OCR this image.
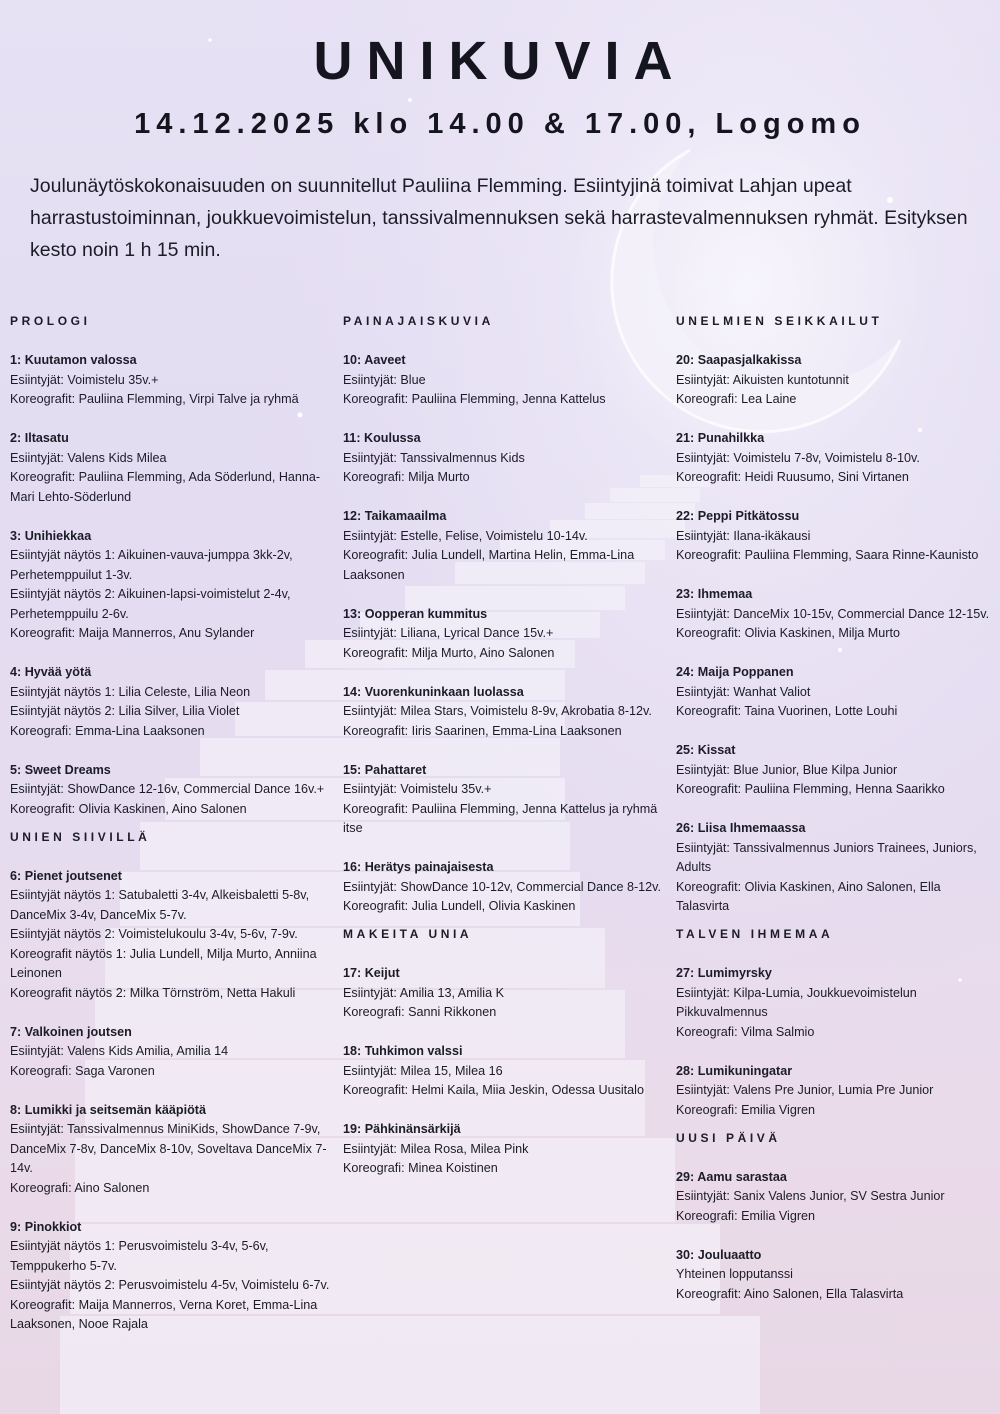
UNIKUVIA
14.12.2025 klo 14.00 & 17.00, Logomo
Joulunäytöskokonaisuuden on suunnitellut Pauliina Flemming. Esiintyjinä toimivat Lahjan upeat harrastustoiminnan, joukkuevoimistelun, tanssivalmennuksen sekä harrastevalmennuksen ryhmät. Esityksen kesto noin 1 h 15 min.
PROLOGI
1: Kuutamon valossa
Esiintyjät: Voimistelu 35v.+
Koreografit: Pauliina Flemming, Virpi Talve ja ryhmä
2: Iltasatu
Esiintyjät: Valens Kids Milea
Koreografit: Pauliina Flemming, Ada Söderlund, Hanna-Mari Lehto-Söderlund
3: Unihiekkaa
Esiintyjät näytös 1: Aikuinen-vauva-jumppa 3kk-2v, Perhetemppuilut 1-3v.
Esiintyjät näytös 2: Aikuinen-lapsi-voimistelut 2-4v, Perhetemppuilu 2-6v.
Koreografit: Maija Mannerros, Anu Sylander
4: Hyvää yötä
Esiintyjät näytös 1: Lilia Celeste, Lilia Neon
Esiintyjät näytös 2: Lilia Silver, Lilia Violet
Koreografi: Emma-Lina Laaksonen
5: Sweet Dreams
Esiintyjät: ShowDance 12-16v, Commercial Dance 16v.+
Koreografit: Olivia Kaskinen, Aino Salonen
UNIEN SIIVILLÄ
6: Pienet joutsenet
Esiintyjät näytös 1: Satubaletti 3-4v, Alkeisbaletti 5-8v, DanceMix 3-4v, DanceMix 5-7v.
Esiintyjät näytös 2: Voimistelukoulu 3-4v, 5-6v, 7-9v.
Koreografit näytös 1: Julia Lundell, Milja Murto, Anniina Leinonen
Koreografit näytös 2: Milka Törnström, Netta Hakuli
7: Valkoinen joutsen
Esiintyjät: Valens Kids Amilia, Amilia 14
Koreografi: Saga Varonen
8: Lumikki ja seitsemän kääpiötä
Esiintyjät: Tanssivalmennus MiniKids, ShowDance 7-9v, DanceMix 7-8v, DanceMix 8-10v, Soveltava DanceMix 7-14v.
Koreografi: Aino Salonen
9: Pinokkiot
Esiintyjät näytös 1: Perusvoimistelu 3-4v, 5-6v, Temppukerho 5-7v.
Esiintyjät näytös 2: Perusvoimistelu 4-5v, Voimistelu 6-7v.
Koreografit: Maija Mannerros, Verna Koret, Emma-Lina Laaksonen, Nooe Rajala
PAINAJAISKUVIA
10: Aaveet
Esiintyjät: Blue
Koreografit: Pauliina Flemming, Jenna Kattelus
11: Koulussa
Esiintyjät: Tanssivalmennus Kids
Koreografi: Milja Murto
12: Taikamaailma
Esiintyjät: Estelle, Felise, Voimistelu 10-14v.
Koreografit: Julia Lundell, Martina Helin, Emma-Lina Laaksonen
13: Oopperan kummitus
Esiintyjät: Liliana, Lyrical Dance 15v.+
Koreografit: Milja Murto, Aino Salonen
14: Vuorenkuninkaan luolassa
Esiintyjät: Milea Stars, Voimistelu 8-9v, Akrobatia 8-12v.
Koreografit: Iiris Saarinen, Emma-Lina Laaksonen
15: Pahattaret
Esiintyjät: Voimistelu 35v.+
Koreografit: Pauliina Flemming, Jenna Kattelus ja ryhmä itse
16: Herätys painajaisesta
Esiintyjät: ShowDance 10-12v, Commercial Dance 8-12v.
Koreografit: Julia Lundell, Olivia Kaskinen
MAKEITA UNIA
17: Keijut
Esiintyjät: Amilia 13, Amilia K
Koreografi: Sanni Rikkonen
18: Tuhkimon valssi
Esiintyjät: Milea 15, Milea 16
Koreografit: Helmi Kaila, Miia Jeskin, Odessa Uusitalo
19: Pähkinänsärkijä
Esiintyjät: Milea Rosa, Milea Pink
Koreografi: Minea Koistinen
UNELMIEN SEIKKAILUT
20: Saapasjalkakissa
Esiintyjät: Aikuisten kuntotunnit
Koreografi: Lea Laine
21: Punahilkka
Esiintyjät: Voimistelu 7-8v, Voimistelu 8-10v.
Koreografit: Heidi Ruusumo, Sini Virtanen
22: Peppi Pitkätossu
Esiintyjät: Ilana-ikäkausi
Koreografit: Pauliina Flemming, Saara Rinne-Kaunisto
23: Ihmemaa
Esiintyjät: DanceMix 10-15v, Commercial Dance 12-15v.
Koreografit: Olivia Kaskinen, Milja Murto
24: Maija Poppanen
Esiintyjät: Wanhat Valiot
Koreografit: Taina Vuorinen, Lotte Louhi
25: Kissat
Esiintyjät: Blue Junior, Blue Kilpa Junior
Koreografit: Pauliina Flemming, Henna Saarikko
26: Liisa Ihmemaassa
Esiintyjät: Tanssivalmennus Juniors Trainees, Juniors, Adults
Koreografit: Olivia Kaskinen, Aino Salonen, Ella Talasvirta
TALVEN IHMEMAA
27: Lumimyrsky
Esiintyjät: Kilpa-Lumia, Joukkuevoimistelun Pikkuvalmennus
Koreografi: Vilma Salmio
28: Lumikuningatar
Esiintyjät: Valens Pre Junior, Lumia Pre Junior
Koreografi: Emilia Vigren
UUSI PÄIVÄ
29: Aamu sarastaa
Esiintyjät: Sanix Valens Junior, SV Sestra Junior
Koreografi: Emilia Vigren
30: Jouluaatto
Yhteinen lopputanssi
Koreografit: Aino Salonen, Ella Talasvirta
